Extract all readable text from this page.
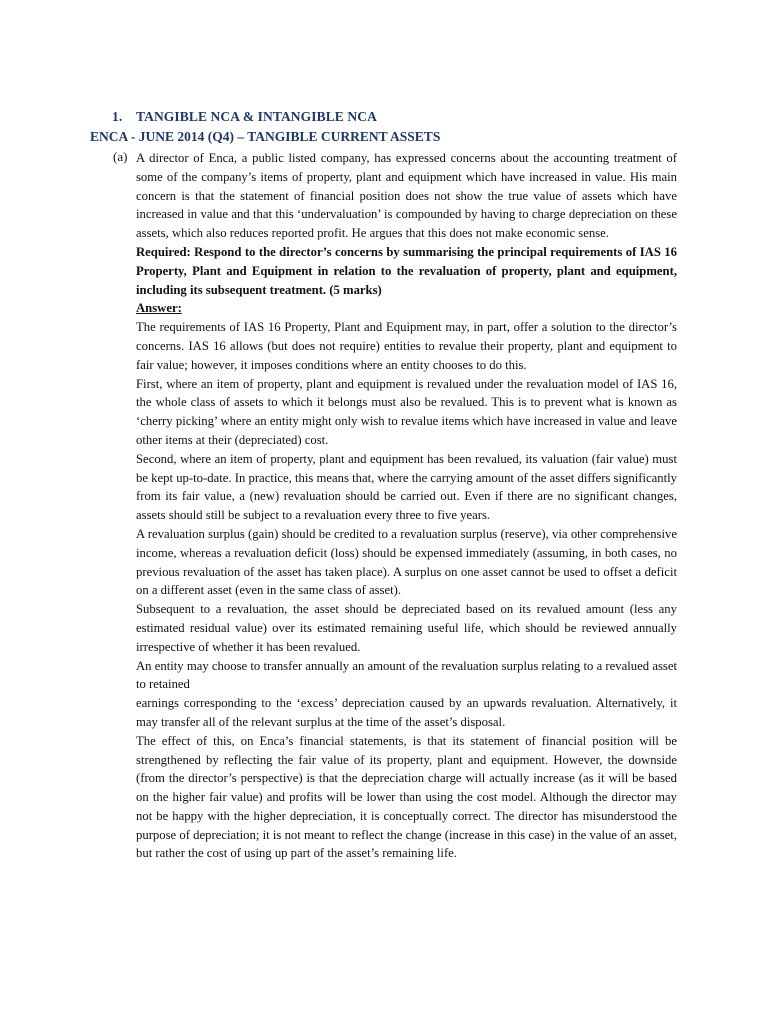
1. TANGIBLE NCA & INTANGIBLE NCA
ENCA - JUNE 2014 (Q4) – TANGIBLE CURRENT ASSETS
(a) A director of Enca, a public listed company, has expressed concerns about the accounting treatment of some of the company’s items of property, plant and equipment which have increased in value. His main concern is that the statement of financial position does not show the true value of assets which have increased in value and that this ‘undervaluation’ is compounded by having to charge depreciation on these assets, which also reduces reported profit. He argues that this does not make economic sense.

Required: Respond to the director’s concerns by summarising the principal requirements of IAS 16 Property, Plant and Equipment in relation to the revaluation of property, plant and equipment, including its subsequent treatment. (5 marks)

Answer:

The requirements of IAS 16 Property, Plant and Equipment may, in part, offer a solution to the director’s concerns. IAS 16 allows (but does not require) entities to revalue their property, plant and equipment to fair value; however, it imposes conditions where an entity chooses to do this.

First, where an item of property, plant and equipment is revalued under the revaluation model of IAS 16, the whole class of assets to which it belongs must also be revalued. This is to prevent what is known as ‘cherry picking’ where an entity might only wish to revalue items which have increased in value and leave other items at their (depreciated) cost.

Second, where an item of property, plant and equipment has been revalued, its valuation (fair value) must be kept up-to-date. In practice, this means that, where the carrying amount of the asset differs significantly from its fair value, a (new) revaluation should be carried out. Even if there are no significant changes, assets should still be subject to a revaluation every three to five years.

A revaluation surplus (gain) should be credited to a revaluation surplus (reserve), via other comprehensive income, whereas a revaluation deficit (loss) should be expensed immediately (assuming, in both cases, no previous revaluation of the asset has taken place). A surplus on one asset cannot be used to offset a deficit on a different asset (even in the same class of asset).

Subsequent to a revaluation, the asset should be depreciated based on its revalued amount (less any estimated residual value) over its estimated remaining useful life, which should be reviewed annually irrespective of whether it has been revalued.

An entity may choose to transfer annually an amount of the revaluation surplus relating to a revalued asset to retained

earnings corresponding to the ‘excess’ depreciation caused by an upwards revaluation. Alternatively, it may transfer all of the relevant surplus at the time of the asset’s disposal.

The effect of this, on Enca’s financial statements, is that its statement of financial position will be strengthened by reflecting the fair value of its property, plant and equipment. However, the downside (from the director’s perspective) is that the depreciation charge will actually increase (as it will be based on the higher fair value) and profits will be lower than using the cost model. Although the director may not be happy with the higher depreciation, it is conceptually correct. The director has misunderstood the purpose of depreciation; it is not meant to reflect the change (increase in this case) in the value of an asset, but rather the cost of using up part of the asset’s remaining life.
